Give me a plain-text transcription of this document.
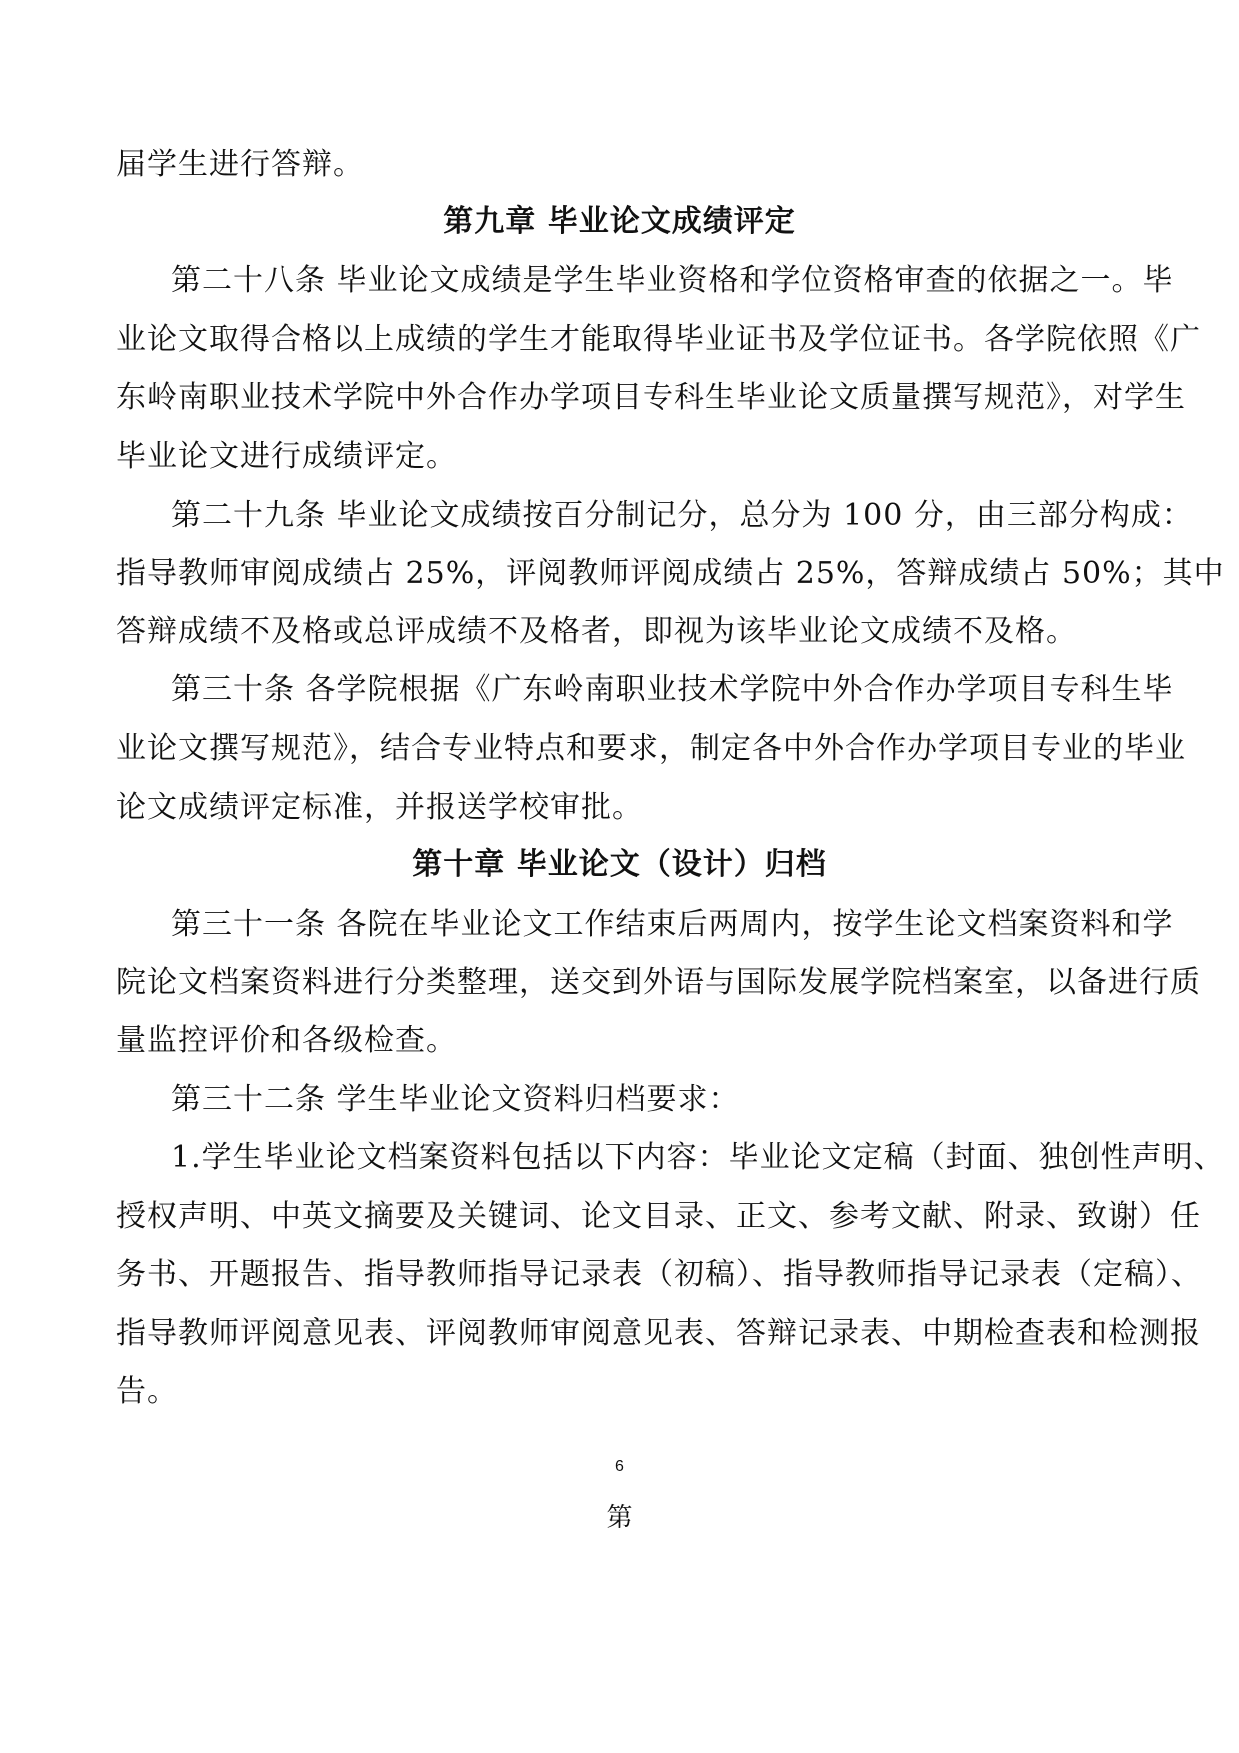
届学生进行答辩。
第九章 毕业论文成绩评定
第二十八条 毕业论文成绩是学生毕业资格和学位资格审查的依据之一。毕
业论文取得合格以上成绩的学生才能取得毕业证书及学位证书。各学院依照《广
东岭南职业技术学院中外合作办学项目专科生毕业论文质量撰写规范》，对学生
毕业论文进行成绩评定。
第二十九条 毕业论文成绩按百分制记分，总分为 100 分，由三部分构成：
指导教师审阅成绩占 25%，评阅教师评阅成绩占 25%，答辩成绩占 50%；其中
答辩成绩不及格或总评成绩不及格者，即视为该毕业论文成绩不及格。
第三十条 各学院根据《广东岭南职业技术学院中外合作办学项目专科生毕
业论文撰写规范》，结合专业特点和要求，制定各中外合作办学项目专业的毕业
论文成绩评定标准，并报送学校审批。
第十章 毕业论文（设计）归档
第三十一条 各院在毕业论文工作结束后两周内，按学生论文档案资料和学
院论文档案资料进行分类整理，送交到外语与国际发展学院档案室，以备进行质
量监控评价和各级检查。
第三十二条 学生毕业论文资料归档要求：
1.学生毕业论文档案资料包括以下内容：毕业论文定稿（封面、独创性声明、
授权声明、中英文摘要及关键词、论文目录、正文、参考文献、附录、致谢）任
务书、开题报告、指导教师指导记录表（初稿）、指导教师指导记录表（定稿）、
指导教师评阅意见表、评阅教师审阅意见表、答辩记录表、中期检查表和检测报
告。
6
第
